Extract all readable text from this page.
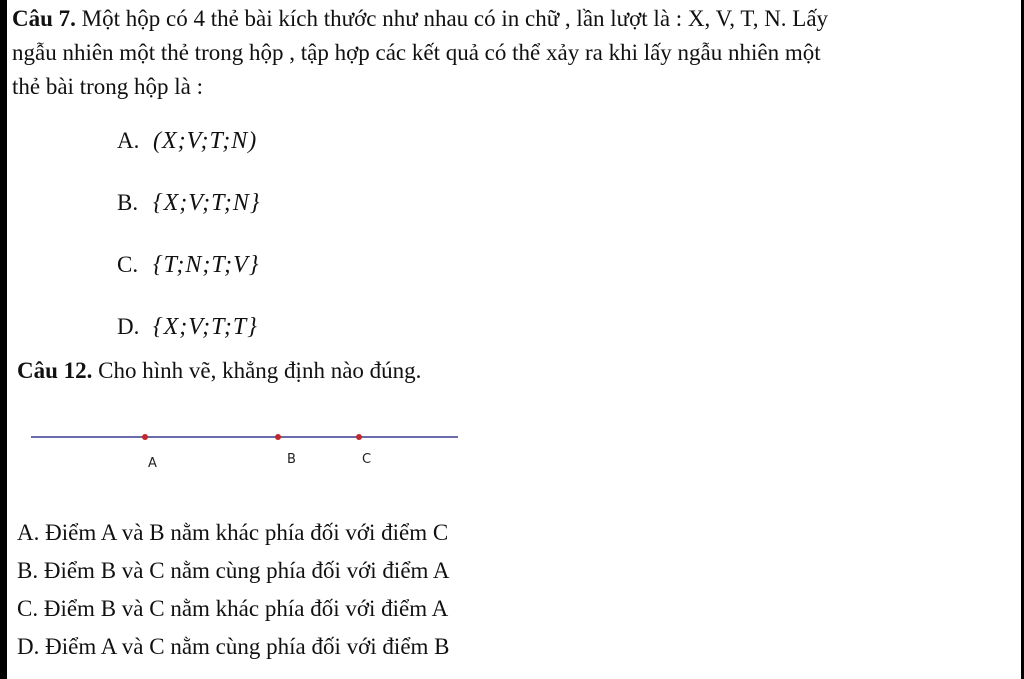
Câu 7. Một hộp có 4 thẻ bài kích thước như nhau có in chữ , lần lượt là : X, V, T, N. Lấy
ngẫu nhiên một thẻ trong hộp , tập hợp các kết quả có thể xảy ra khi lấy ngẫu nhiên một
thẻ bài trong hộp là :
A. (X;V;T;N)
B. {X;V;T;N}
C. {T;N;T;V}
D. {X;V;T;T}
Câu 12. Cho hình vẽ, khẳng định nào đúng.
A	B	C
A. Điểm A và B nằm khác phía đối với điểm C
B. Điểm B và C nằm cùng phía đối với điểm A
C. Điểm B và C nằm khác phía đối với điểm A
D. Điểm A và C nằm cùng phía đối với điểm B
